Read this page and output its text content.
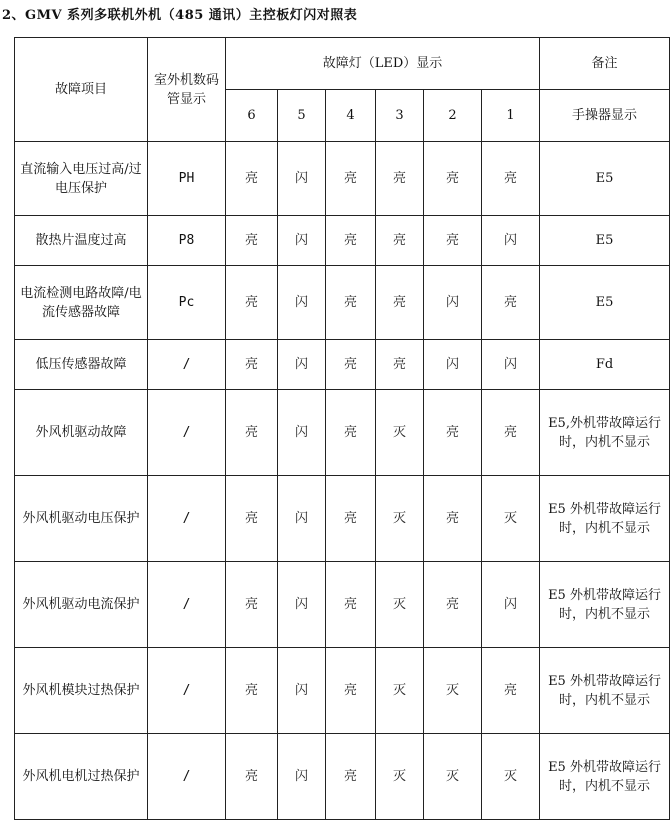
2、GMV 系列多联机外机（485 通讯）主控板灯闪对照表
故障项目	室外机数码管显示	故障灯（LED）显示						备注
		6	5	4	3	2	1	手操器显示
直流输入电压过高/过电压保护	PH	亮	闪	亮	亮	亮	亮	E5
散热片温度过高	P8	亮	闪	亮	亮	亮	闪	E5
电流检测电路故障/电流传感器故障	Pc	亮	闪	亮	亮	闪	亮	E5
低压传感器故障	/	亮	闪	亮	亮	闪	闪	Fd
外风机驱动故障	/	亮	闪	亮	灭	亮	亮	E5,外机带故障运行时，内机不显示
外风机驱动电压保护	/	亮	闪	亮	灭	亮	灭	E5 外机带故障运行时，内机不显示
外风机驱动电流保护	/	亮	闪	亮	灭	亮	闪	E5 外机带故障运行时，内机不显示
外风机模块过热保护	/	亮	闪	亮	灭	灭	亮	E5 外机带故障运行时，内机不显示
外风机电机过热保护	/	亮	闪	亮	灭	灭	灭	E5 外机带故障运行时，内机不显示
